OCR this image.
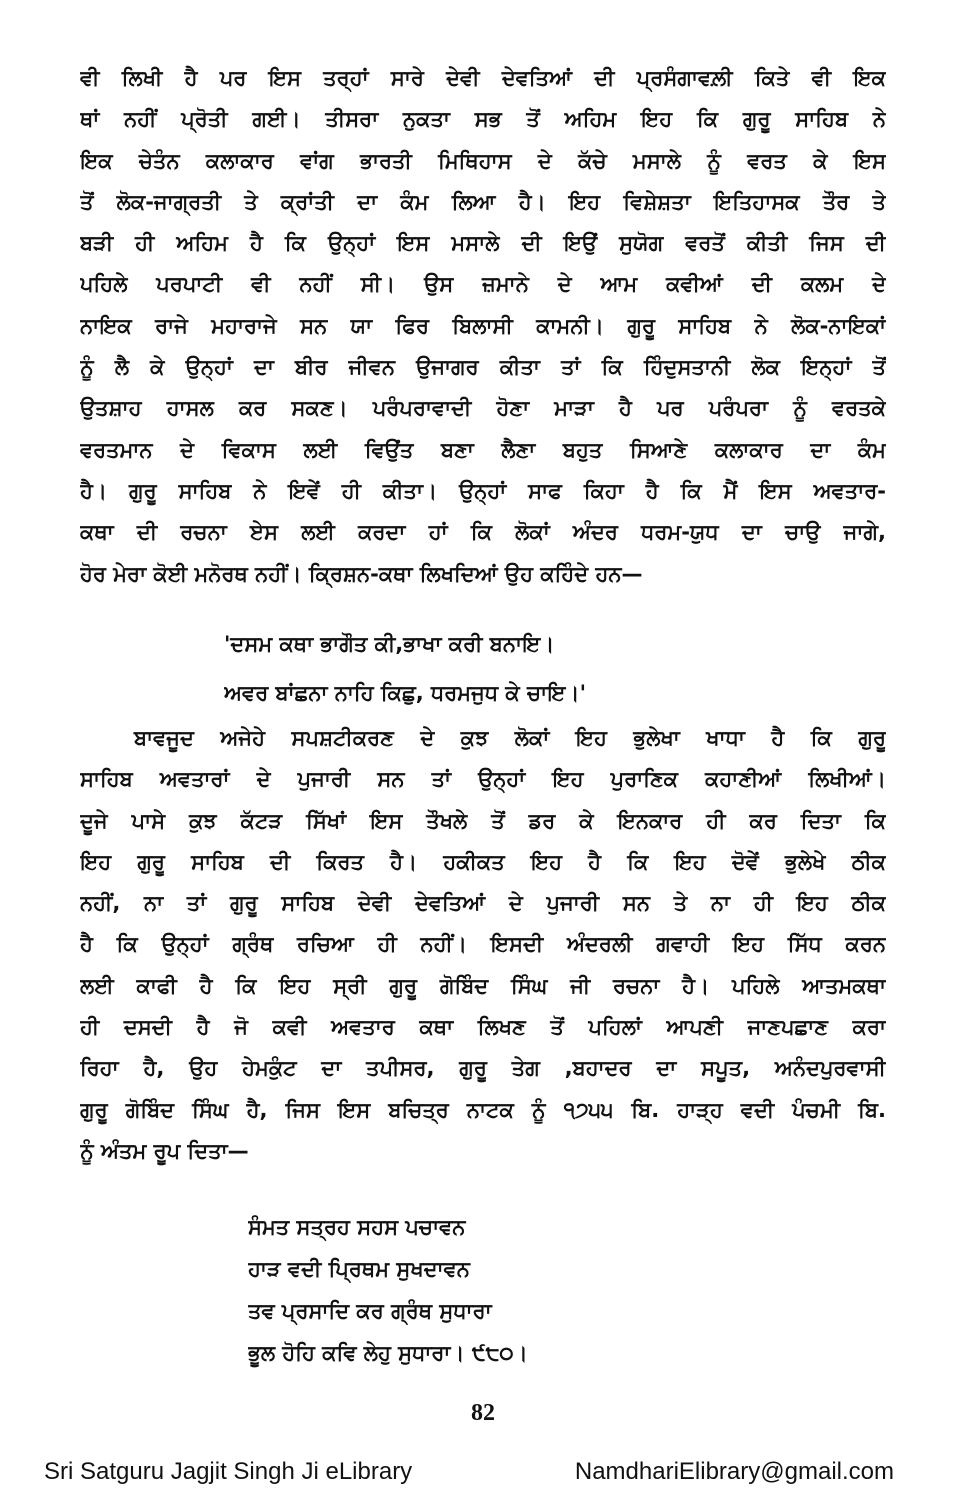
ਵੀ ਲਿਖੀ ਹੈ ਪਰ ਇਸ ਤਰ੍ਹਾਂ ਸਾਰੇ ਦੇਵੀ ਦੇਵਤਿਆਂ ਦੀ ਪ੍ਰਸੰਗਾਵਲ਼ੀ ਕਿਤੇ ਵੀ ਇਕ
ਥਾਂ ਨਹੀਂ ਪ੍ਰੋਤੀ ਗਈ। ਤੀਸਰਾ ਨੁਕਤਾ ਸਭ ਤੋਂ ਅਹਿਮ ਇਹ ਕਿ ਗੁਰੂ ਸਾਹਿਬ ਨੇ
ਇਕ ਚੇਤੰਨ ਕਲਾਕਾਰ ਵਾਂਗ ਭਾਰਤੀ ਮਿਥਿਹਾਸ ਦੇ ਕੱਚੇ ਮਸਾਲੇ ਨੂੰ ਵਰਤ ਕੇ ਇਸ
ਤੋਂ ਲੋਕ-ਜਾਗ੍ਰਤੀ ਤੇ ਕ੍ਰਾਂਤੀ ਦਾ ਕੰਮ ਲਿਆ ਹੈ। ਇਹ ਵਿਸ਼ੇਸ਼ਤਾ ਇਤਿਹਾਸਕ ਤੌਰ ਤੇ
ਬੜੀ ਹੀ ਅਹਿਮ ਹੈ ਕਿ ਉਨ੍ਹਾਂ ਇਸ ਮਸਾਲੇ ਦੀ ਇਉਂ ਸੁਯੋਗ ਵਰਤੋਂ ਕੀਤੀ ਜਿਸ ਦੀ
ਪਹਿਲੇ ਪਰਪਾਟੀ ਵੀ ਨਹੀਂ ਸੀ। ਉਸ ਜ਼ਮਾਨੇ ਦੇ ਆਮ ਕਵੀਆਂ ਦੀ ਕਲਮ ਦੇ
ਨਾਇਕ ਰਾਜੇ ਮਹਾਰਾਜੇ ਸਨ ਯਾ ਫਿਰ ਬਿਲਾਸੀ ਕਾਮਨੀ। ਗੁਰੂ ਸਾਹਿਬ ਨੇ ਲੋਕ-ਨਾਇਕਾਂ
ਨੂੰ ਲੈ ਕੇ ਉਨ੍ਹਾਂ ਦਾ ਬੀਰ ਜੀਵਨ ਉਜਾਗਰ ਕੀਤਾ ਤਾਂ ਕਿ ਹਿੰਦੁਸਤਾਨੀ ਲੋਕ ਇਨ੍ਹਾਂ ਤੋਂ
ਉਤਸ਼ਾਹ ਹਾਸਲ ਕਰ ਸਕਣ। ਪਰੰਪਰਾਵਾਦੀ ਹੋਣਾ ਮਾੜਾ ਹੈ ਪਰ ਪਰੰਪਰਾ ਨੂੰ ਵਰਤਕੇ
ਵਰਤਮਾਨ ਦੇ ਵਿਕਾਸ ਲਈ ਵਿਉਂਤ ਬਣਾ ਲੈਣਾ ਬਹੁਤ ਸਿਆਣੇ ਕਲਾਕਾਰ ਦਾ ਕੰਮ
ਹੈ। ਗੁਰੂ ਸਾਹਿਬ ਨੇ ਇਵੇਂ ਹੀ ਕੀਤਾ। ਉਨ੍ਹਾਂ ਸਾਫ ਕਿਹਾ ਹੈ ਕਿ ਮੈਂ ਇਸ ਅਵਤਾਰ-
ਕਥਾ ਦੀ ਰਚਨਾ ਏਸ ਲਈ ਕਰਦਾ ਹਾਂ ਕਿ ਲੋਕਾਂ ਅੰਦਰ ਧਰਮ-ਯੁਧ ਦਾ ਚਾਉ ਜਾਗੇ,
ਹੋਰ ਮੇਰਾ ਕੋਈ ਮਨੋਰਥ ਨਹੀਂ। ਕ੍ਰਿਸ਼ਨ-ਕਥਾ ਲਿਖਦਿਆਂ ਉਹ ਕਹਿੰਦੇ ਹਨ—
'ਦਸਮ ਕਥਾ ਭਾਗੌਤ ਕੀ,ਭਾਖਾ ਕਰੀ ਬਨਾਇ।
ਅਵਰ ਬਾਂਛਨਾ ਨਾਹਿ ਕਿਛੁ, ਧਰਮਜੁਧ ਕੇ ਚਾਇ।'
ਬਾਵਜੂਦ ਅਜੇਹੇ ਸਪਸ਼ਟੀਕਰਣ ਦੇ ਕੁਝ ਲੋਕਾਂ ਇਹ ਭੁਲੇਖਾ ਖਾਧਾ ਹੈ ਕਿ ਗੁਰੂ
ਸਾਹਿਬ ਅਵਤਾਰਾਂ ਦੇ ਪੁਜਾਰੀ ਸਨ ਤਾਂ ਉਨ੍ਹਾਂ ਇਹ ਪੁਰਾਣਿਕ ਕਹਾਣੀਆਂ ਲਿਖੀਆਂ।
ਦੂਜੇ ਪਾਸੇ ਕੁਝ ਕੱਟੜ ਸਿੱਖਾਂ ਇਸ ਤੌਖਲੇ ਤੋਂ ਡਰ ਕੇ ਇਨਕਾਰ ਹੀ ਕਰ ਦਿਤਾ ਕਿ
ਇਹ ਗੁਰੂ ਸਾਹਿਬ ਦੀ ਕਿਰਤ ਹੈ। ਹਕੀਕਤ ਇਹ ਹੈ ਕਿ ਇਹ ਦੋਵੇਂ ਭੁਲੇਖੇ ਠੀਕ
ਨਹੀਂ, ਨਾ ਤਾਂ ਗੁਰੂ ਸਾਹਿਬ ਦੇਵੀ ਦੇਵਤਿਆਂ ਦੇ ਪੁਜਾਰੀ ਸਨ ਤੇ ਨਾ ਹੀ ਇਹ ਠੀਕ
ਹੈ ਕਿ ਉਨ੍ਹਾਂ ਗ੍ਰੰਥ ਰਚਿਆ ਹੀ ਨਹੀਂ। ਇਸਦੀ ਅੰਦਰਲੀ ਗਵਾਹੀ ਇਹ ਸਿੱਧ ਕਰਨ
ਲਈ ਕਾਫੀ ਹੈ ਕਿ ਇਹ ਸ੍ਰੀ ਗੁਰੂ ਗੋਬਿੰਦ ਸਿੰਘ ਜੀ ਰਚਨਾ ਹੈ। ਪਹਿਲੇ ਆਤਮਕਥਾ
ਹੀ ਦਸਦੀ ਹੈ ਜੋ ਕਵੀ ਅਵਤਾਰ ਕਥਾ ਲਿਖਣ ਤੋਂ ਪਹਿਲਾਂ ਆਪਣੀ ਜਾਣਪਛਾਣ ਕਰਾ
ਰਿਹਾ ਹੈ, ਉਹ ਹੇਮਕੁੰਟ ਦਾ ਤਪੀਸਰ, ਗੁਰੂ ਤੇਗ ,ਬਹਾਦਰ ਦਾ ਸਪੂਤ, ਅਨੰਦਪੁਰਵਾਸੀ
ਗੁਰੂ ਗੋਬਿੰਦ ਸਿੰਘ ਹੈ, ਜਿਸ ਇਸ ਬਚਿਤ੍ਰ ਨਾਟਕ ਨੂੰ ੧੭੫੫ ਬਿ. ਹਾੜ੍ਹ ਵਦੀ ਪੰਚਮੀ ਬਿ.
ਨੂੰ ਅੰਤਮ ਰੂਪ ਦਿਤਾ—
ਸੰਮਤ ਸਤ੍ਰਹ ਸਹਸ ਪਚਾਵਨ
ਹਾੜ ਵਦੀ ਪ੍ਰਿਥਮ ਸੁਖਦਾਵਨ
ਤਵ ਪ੍ਰਸਾਦਿ ਕਰ ਗ੍ਰੰਥ ਸੁਧਾਰਾ
ਭੂਲ ਹੋਹਿ ਕਵਿ ਲੇਹੁ ਸੁਧਾਰਾ। ੯੮੦।
82
Sri Satguru Jagjit Singh Ji eLibrary	NamdhariElibrary@gmail.com
